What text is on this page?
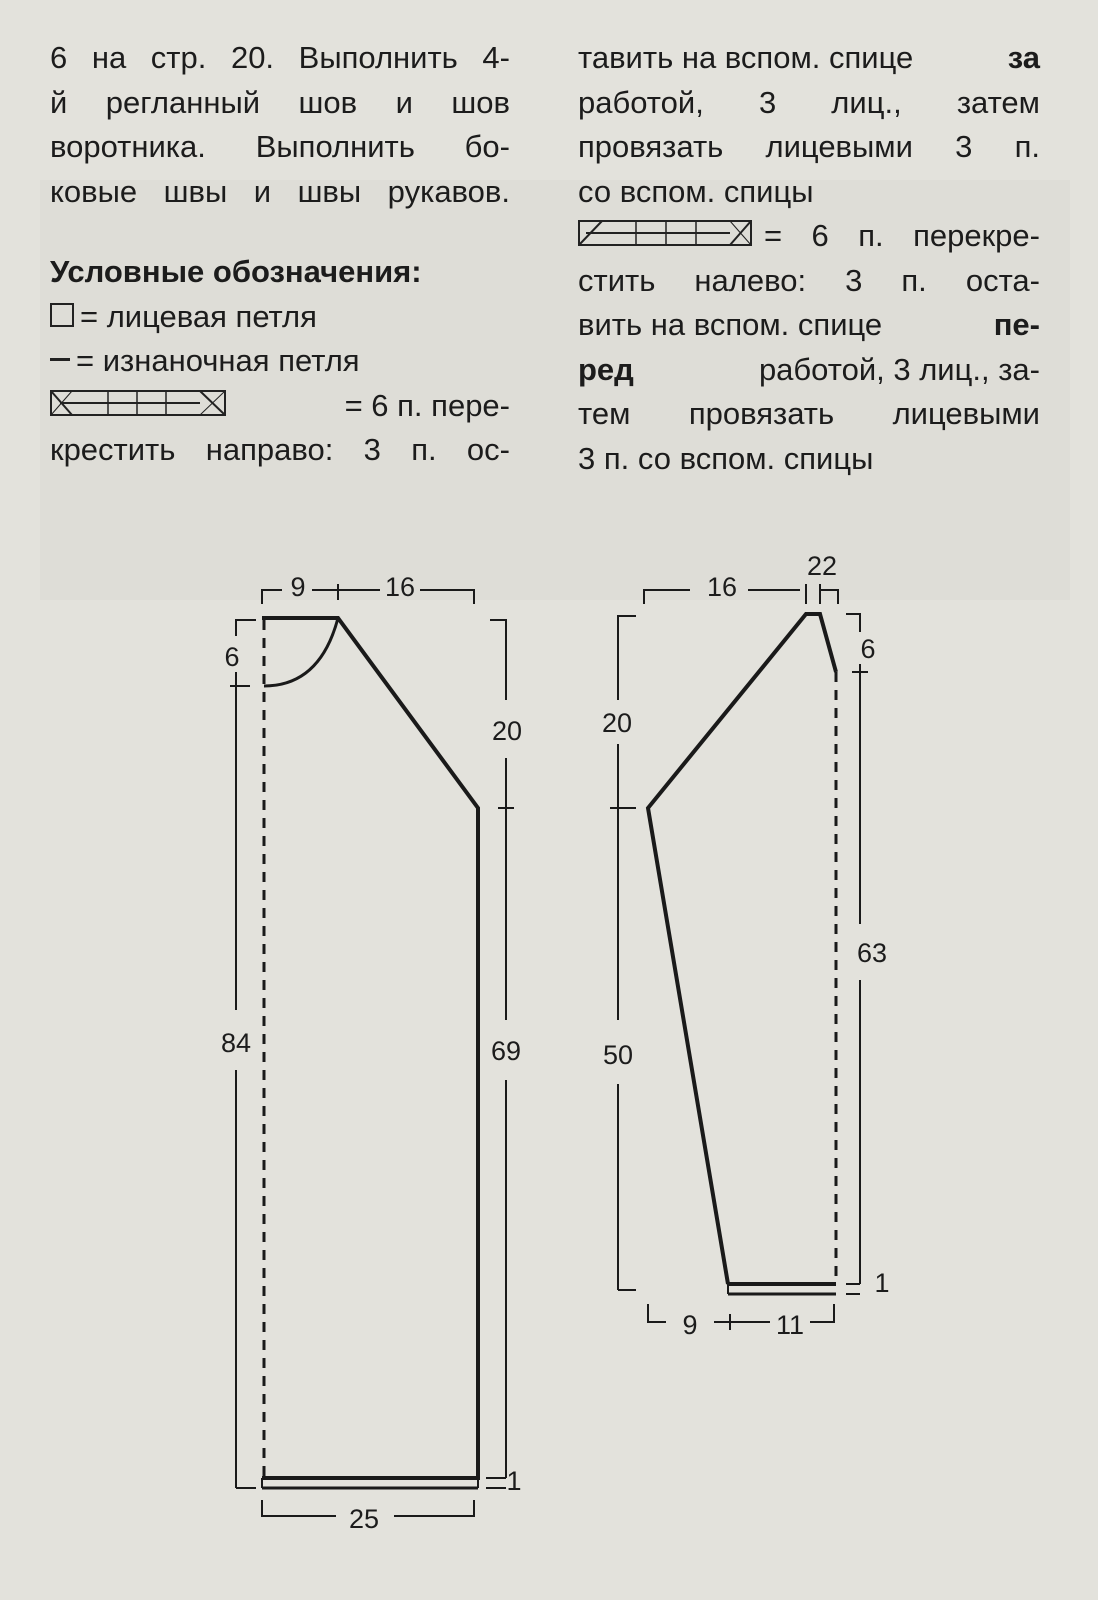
6 на стр. 20. Выполнить 4-
й регланный шов и шов
воротника. Выполнить бо-
ковые швы и швы рукавов.
Условные обозначения:
= лицевая петля
= изнаночная петля
= 6 п. пере-
крестить направо: 3 п. ос-
тавить на вспом. спице	за
работой, 3 лиц., затем
провязать лицевыми 3 п.
со вспом. спицы
= 6 п. перекре-
стить налево: 3 п. оста-
вить на вспом. спице	пе-
ред	работой, 3 лиц., за-
тем провязать лицевыми
3 п. со вспом. спицы
9	16
6
84
20
69
1
25
16
22
20
50
6
63
1
9	11
